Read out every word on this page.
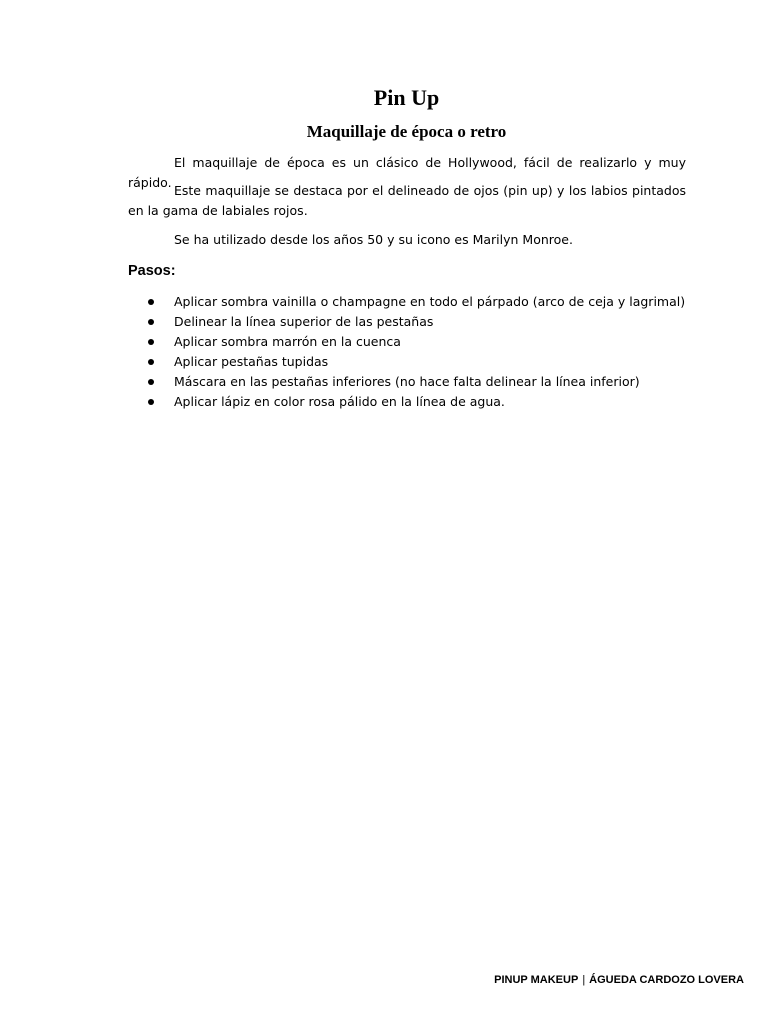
Pin Up
Maquillaje de época o retro

El maquillaje de época es un clásico de Hollywood, fácil de realizarlo y muy rápido.

Este maquillaje se destaca por el delineado de ojos (pin up) y los labios pintados en la gama de labiales rojos.

Se ha utilizado desde los años 50 y su icono es Marilyn Monroe.

Pasos:
Aplicar sombra vainilla o champagne en todo el párpado (arco de ceja y lagrimal)
Delinear la línea superior de las pestañas
Aplicar sombra marrón en la cuenca
Aplicar pestañas tupidas
Máscara en las pestañas inferiores (no hace falta delinear la línea inferior)
Aplicar lápiz en color rosa pálido en la línea de agua.
PINUP MAKEUP | ÁGUEDA CARDOZO LOVERA
